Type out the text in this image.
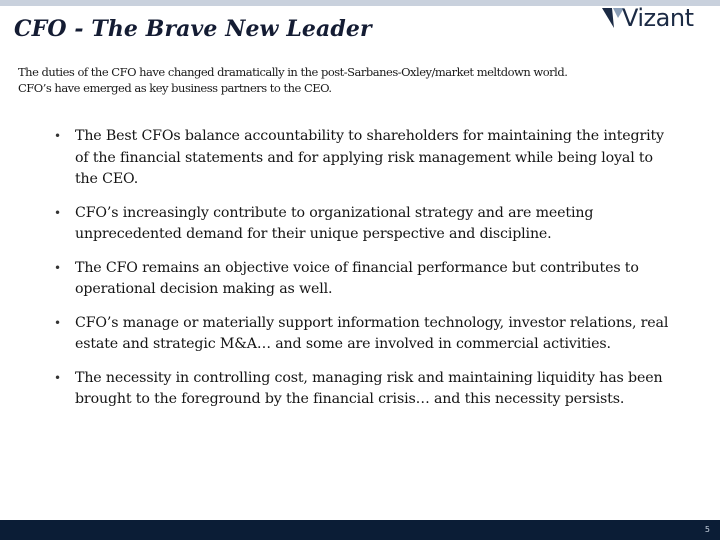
CFO - The Brave New Leader	Vizant

The duties of the CFO have changed dramatically in the post-Sarbanes-Oxley/market meltdown world.
CFO’s have emerged as key business partners to the CEO.

• The Best CFOs balance accountability to shareholders for maintaining the integrity of the financial statements and for applying risk management while being loyal to the CEO.
• CFO’s increasingly contribute to organizational strategy and are meeting unprecedented demand for their unique perspective and discipline.
• The CFO remains an objective voice of financial performance but contributes to operational decision making as well.
• CFO’s manage or materially support information technology, investor relations, real estate and strategic M&A… and some are involved in commercial activities.
• The necessity in controlling cost, managing risk and maintaining liquidity has been brought to the foreground by the financial crisis… and this necessity persists.
5
